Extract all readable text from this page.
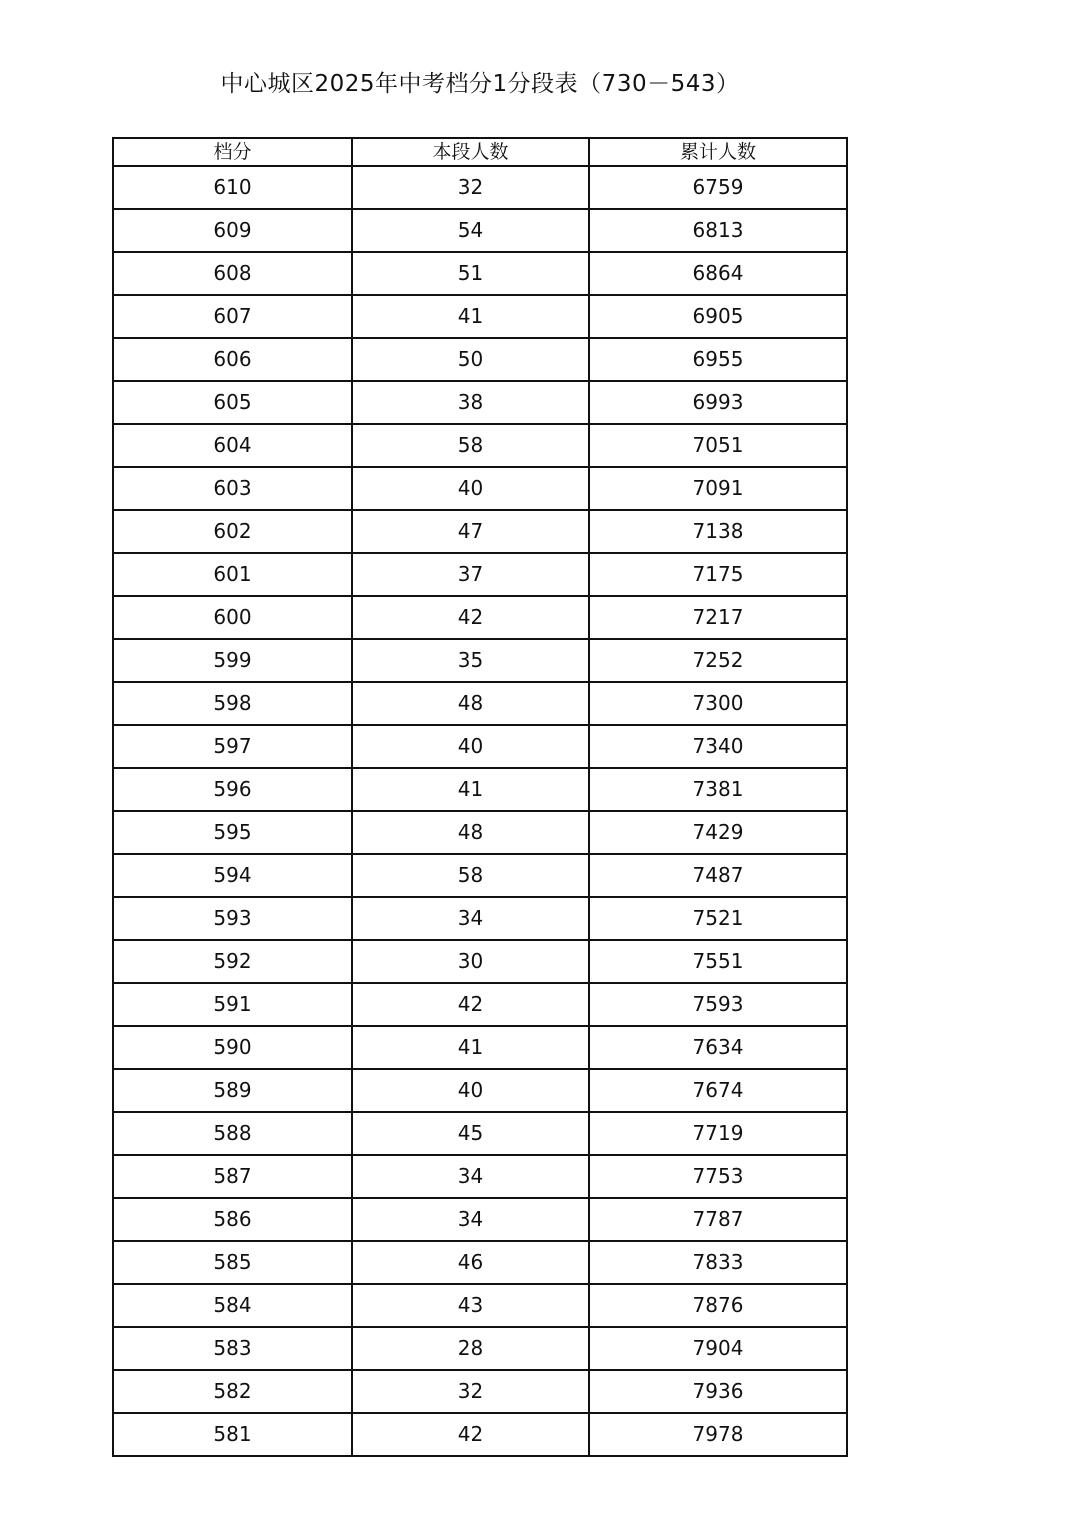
中心城区2025年中考档分1分段表（730－543）
档分	本段人数	累计人数
610	32	6759
609	54	6813
608	51	6864
607	41	6905
606	50	6955
605	38	6993
604	58	7051
603	40	7091
602	47	7138
601	37	7175
600	42	7217
599	35	7252
598	48	7300
597	40	7340
596	41	7381
595	48	7429
594	58	7487
593	34	7521
592	30	7551
591	42	7593
590	41	7634
589	40	7674
588	45	7719
587	34	7753
586	34	7787
585	46	7833
584	43	7876
583	28	7904
582	32	7936
581	42	7978
